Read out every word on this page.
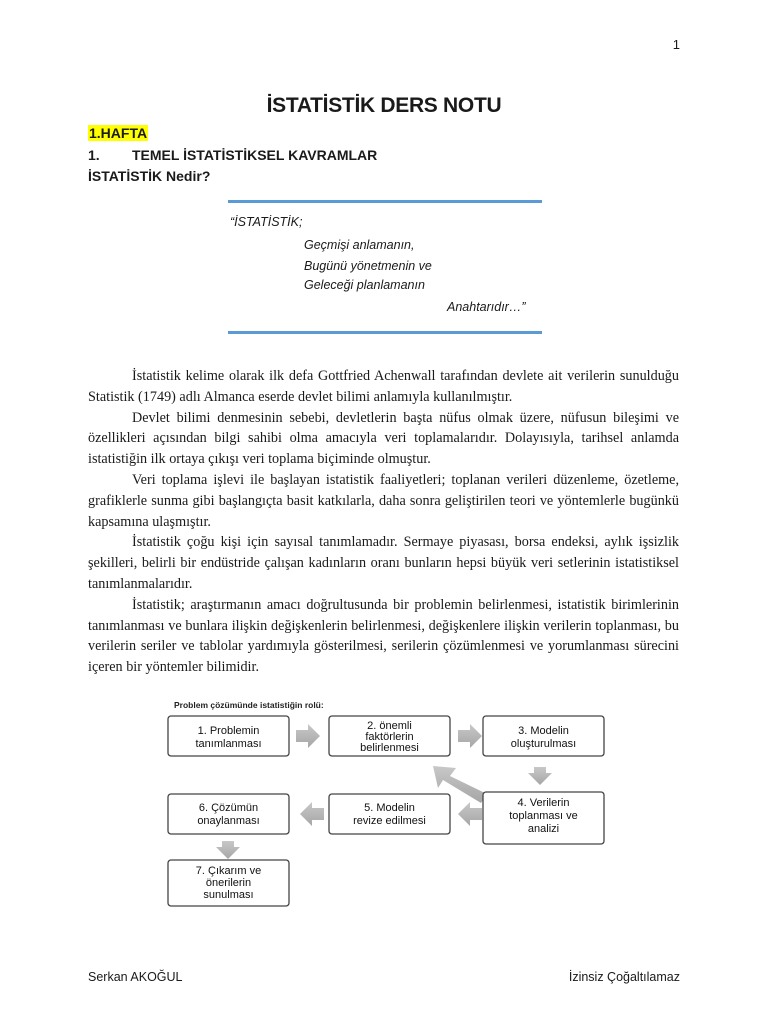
1
İSTATİSTİK DERS NOTU
1.HAFTA
1. TEMEL İSTATİSTİKSEL KAVRAMLAR
İSTATİSTİK Nedir?
“İSTATİSTİK;
Geçmişi anlamanın,
Bugünü yönetmenin ve
Geleceği planlamanın
Anahtarıdır…”

İstatistik kelime olarak ilk defa Gottfried Achenwall tarafından devlete ait verilerin sunulduğu Statistik (1749) adlı Almanca eserde devlet bilimi anlamıyla kullanılmıştır.

Devlet bilimi denmesinin sebebi, devletlerin başta nüfus olmak üzere, nüfusun bileşimi ve özellikleri açısından bilgi sahibi olma amacıyla veri toplamalarıdır. Dolayısıyla, tarihsel anlamda istatistiğin ilk ortaya çıkışı veri toplama biçiminde olmuştur.

Veri toplama işlevi ile başlayan istatistik faaliyetleri; toplanan verileri düzenleme, özetleme, grafiklerle sunma gibi başlangıçta basit katkılarla, daha sonra geliştirilen teori ve yöntemlerle bugünkü kapsamına ulaşmıştır.

İstatistik çoğu kişi için sayısal tanımlamadır. Sermaye piyasası, borsa endeksi, aylık işsizlik şekilleri, belirli bir endüstride çalışan kadınların oranı bunların hepsi büyük veri setlerinin istatistiksel tanımlanmalarıdır.

İstatistik; araştırmanın amacı doğrultusunda bir problemin belirlenmesi, istatistik birimlerinin tanımlanması ve bunlara ilişkin değişkenlerin belirlenmesi, değişkenlere ilişkin verilerin toplanması, bu verilerin seriler ve tablolar yardımıyla gösterilmesi, serilerin çözümlenmesi ve yorumlanması sürecini içeren bir yöntemler bilimidir.

Problem çözümünde istatistiğin rolü:
1. Problemin
tanımlanması
2. önemli
faktörlerin
belirlenmesi
3. Modelin
oluşturulması
4. Verilerin
toplanması ve
analizi
5. Modelin
revize edilmesi
6. Çözümün
onaylanması
7. Çıkarım ve
önerilerin
sunulması
Serkan AKOĞUL	İzinsiz Çoğaltılamaz
